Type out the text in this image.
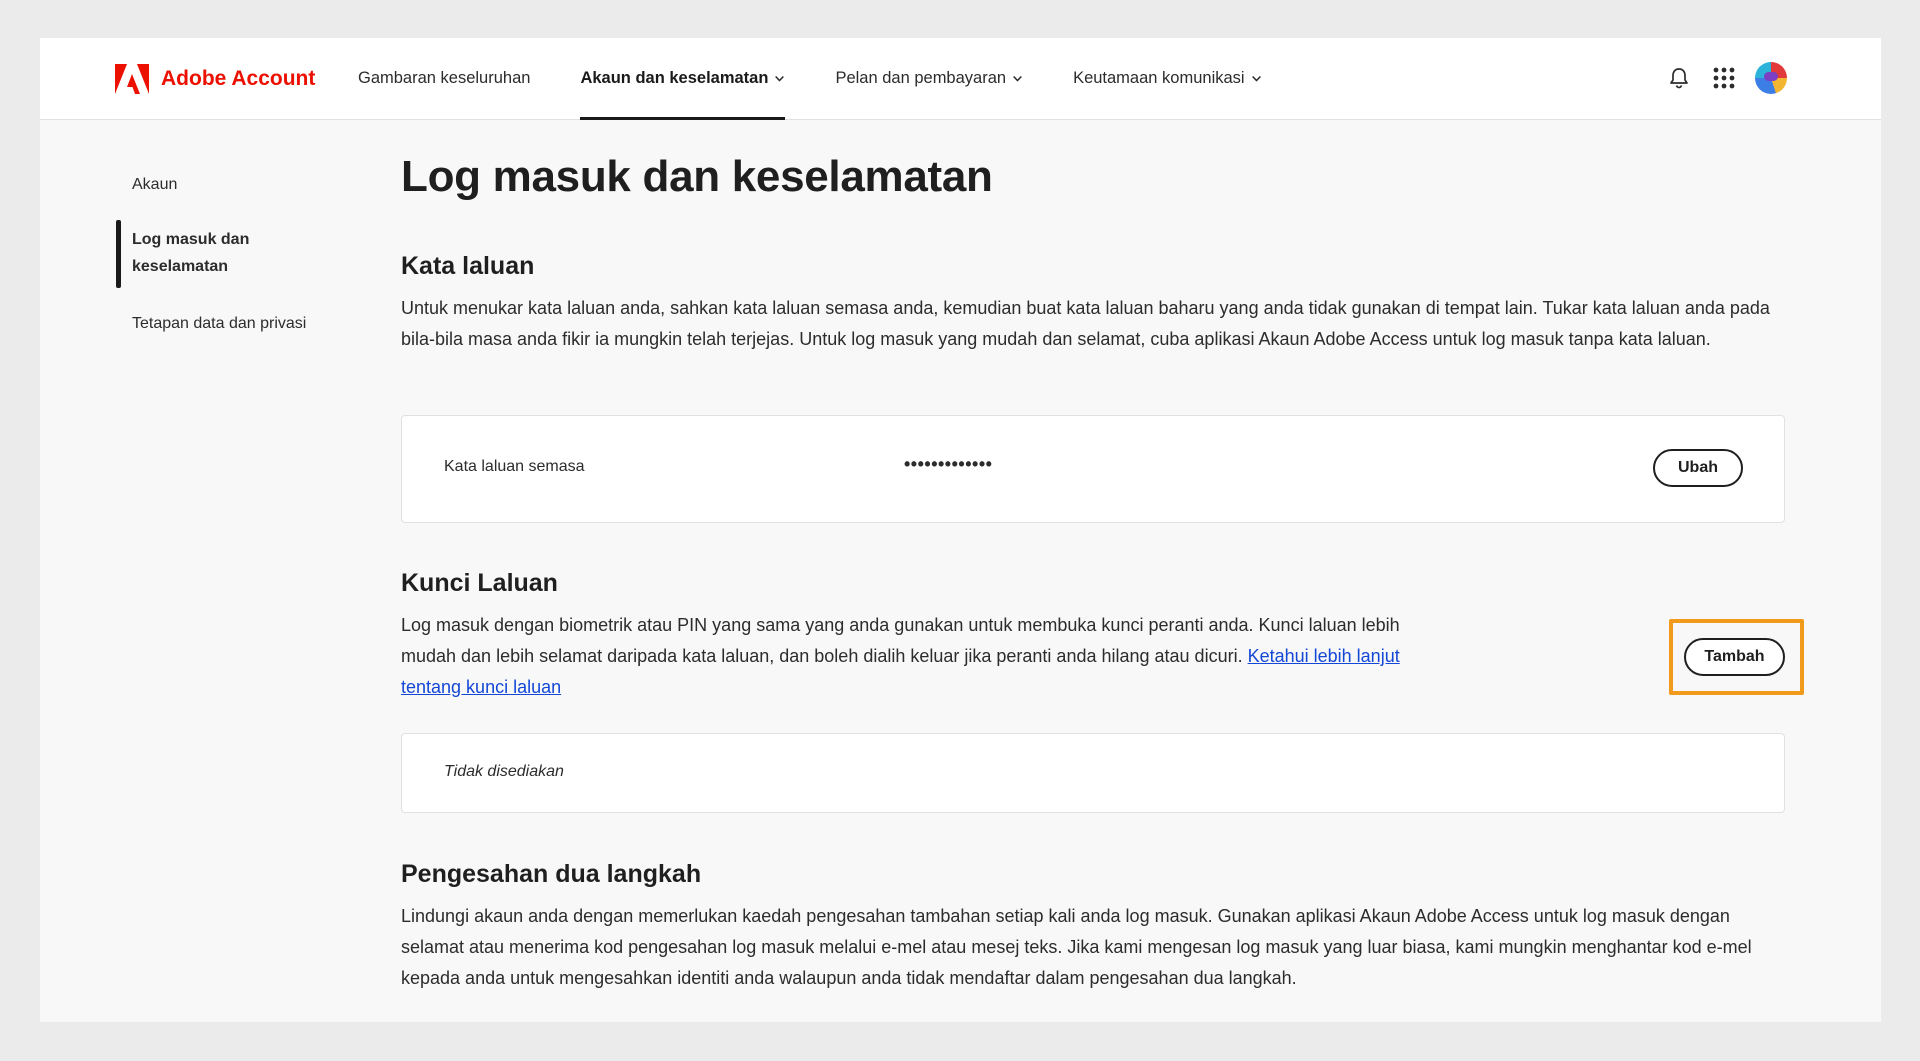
Adobe Account	Gambaran keseluruhan	Akaun dan keselamatan	Pelan dan pembayaran	Keutamaan komunikasi
Akaun
Log masuk dan keselamatan
Tetapan data dan privasi
Log masuk dan keselamatan
Kata laluan

Untuk menukar kata laluan anda, sahkan kata laluan semasa anda, kemudian buat kata laluan baharu yang anda tidak gunakan di tempat lain. Tukar kata laluan anda pada bila-bila masa anda fikir ia mungkin telah terjejas. Untuk log masuk yang mudah dan selamat, cuba aplikasi Akaun Adobe Access untuk log masuk tanpa kata laluan.

Kata laluan semasa	•••••••••••••	Ubah
Kunci Laluan

Log masuk dengan biometrik atau PIN yang sama yang anda gunakan untuk membuka kunci peranti anda. Kunci laluan lebih mudah dan lebih selamat daripada kata laluan, dan boleh dialih keluar jika peranti anda hilang atau dicuri. Ketahui lebih lanjut tentang kunci laluan

Tambah
Tidak disediakan
Pengesahan dua langkah

Lindungi akaun anda dengan memerlukan kaedah pengesahan tambahan setiap kali anda log masuk. Gunakan aplikasi Akaun Adobe Access untuk log masuk dengan selamat atau menerima kod pengesahan log masuk melalui e-mel atau mesej teks. Jika kami mengesan log masuk yang luar biasa, kami mungkin menghantar kod e-mel kepada anda untuk mengesahkan identiti anda walaupun anda tidak mendaftar dalam pengesahan dua langkah.
